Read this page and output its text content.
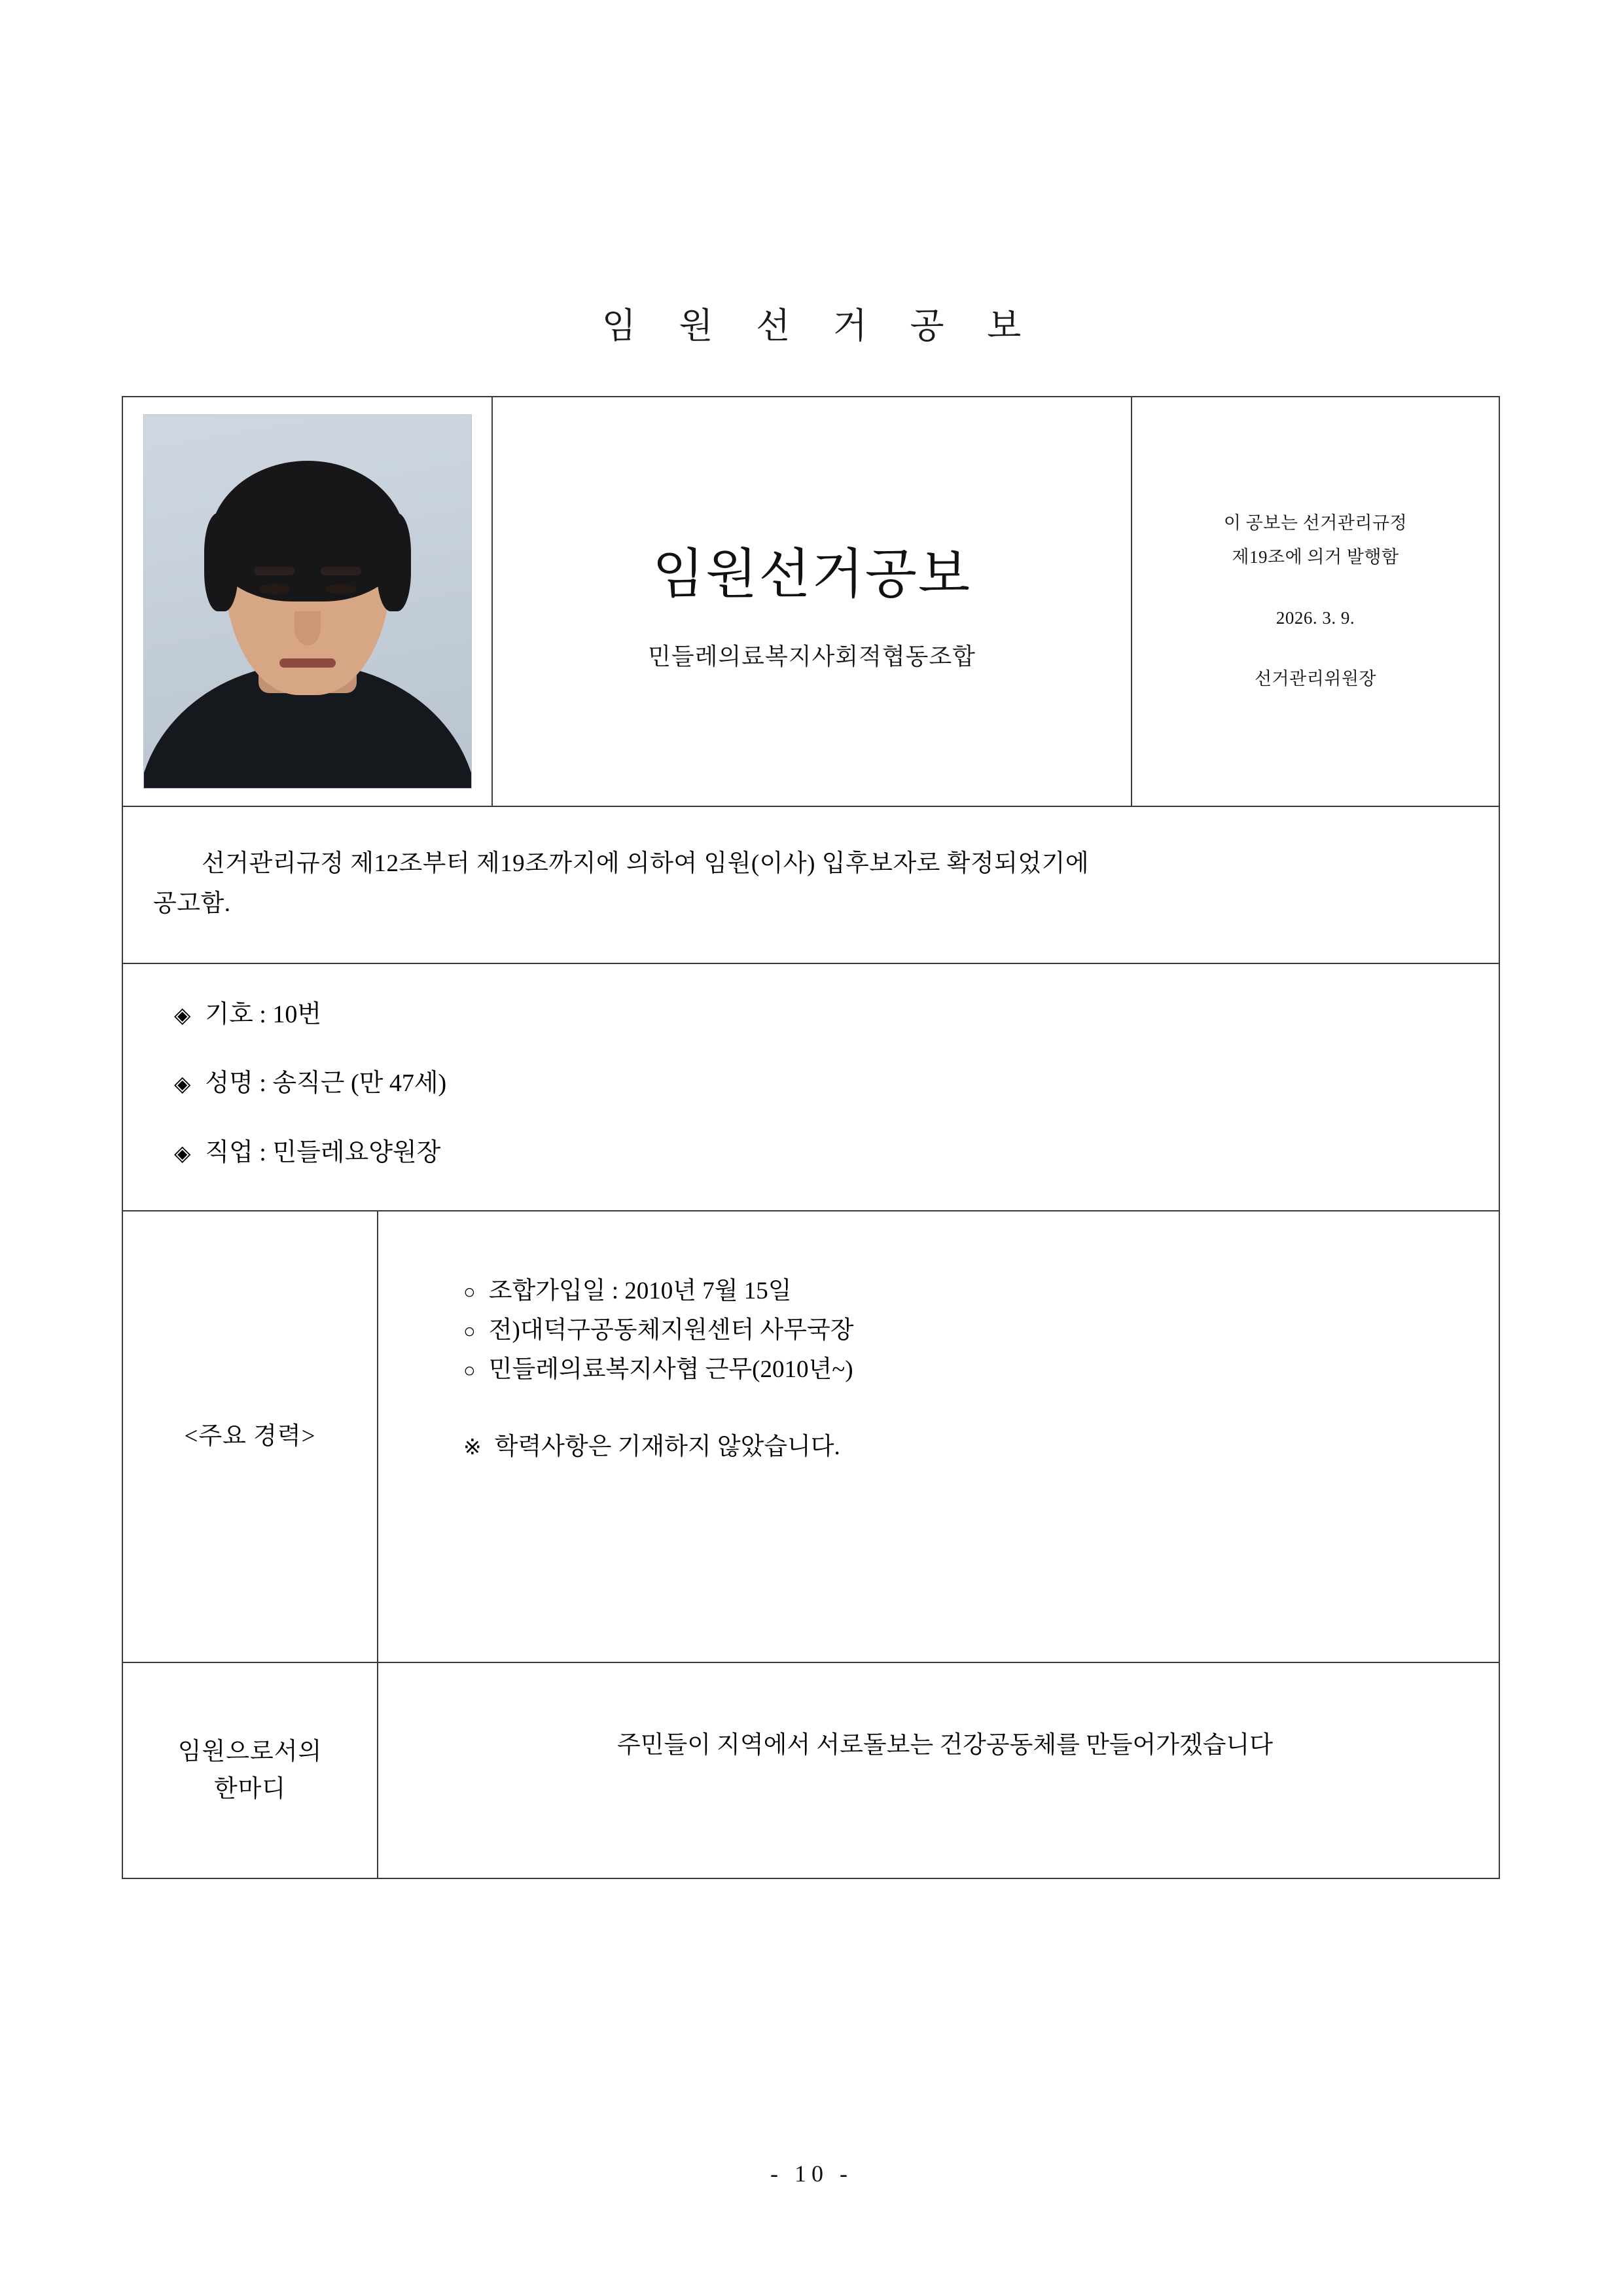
임 원 선 거 공 보
임원선거공보
민들레의료복지사회적협동조합
이 공보는 선거관리규정
제19조에 의거 발행함
2026. 3. 9.
선거관리위원장
선거관리규정 제12조부터 제19조까지에 의하여 임원(이사) 입후보자로 확정되었기에
공고함.
◈ 기호 : 10번
◈ 성명 : 송직근 (만 47세)
◈ 직업 : 민들레요양원장
<주요 경력>
○ 조합가입일 : 2010년 7월 15일
○ 전)대덕구공동체지원센터 사무국장
○ 민들레의료복지사협 근무(2010년~)
※ 학력사항은 기재하지 않았습니다.
임원으로서의
한마디
주민들이 지역에서 서로돌보는 건강공동체를 만들어가겠습니다
- 10 -
